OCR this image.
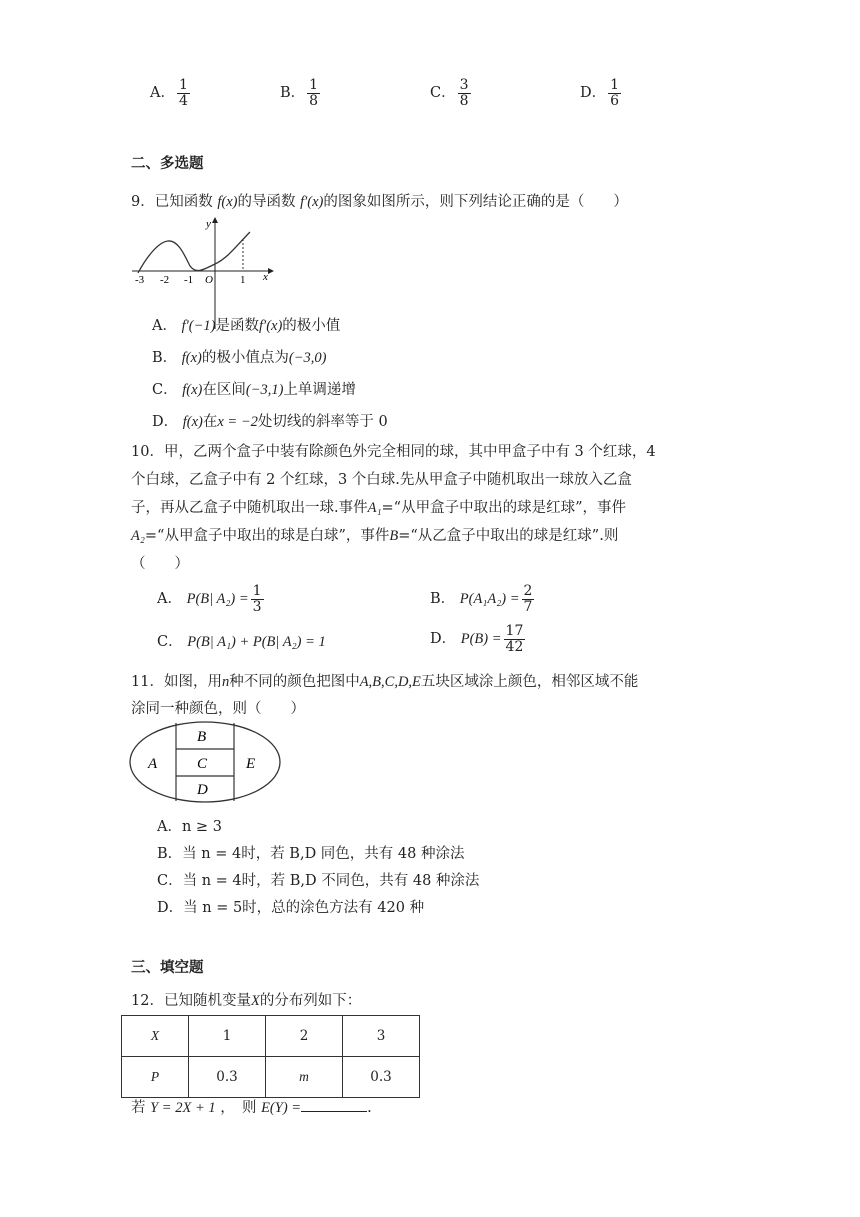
A． $\frac{1}{4}$	B． $\frac{1}{8}$	C． $\frac{3}{8}$	D． $\frac{1}{6}$
二、多选题
9．已知函数 f(x)的导函数 f′(x)的图象如图所示，则下列结论正确的是（　　）
y
x
O
-3 -2 -1	1
A． f′(−1)是函数f′(x)的极小值
B． f(x)的极小值点为(−3,0)
C． f(x)在区间(−3,1)上单调递增
D． f(x)在x = −2处切线的斜率等于 0
10．甲，乙两个盒子中装有除颜色外完全相同的球，其中甲盒子中有 3 个红球，4
个白球，乙盒子中有 2 个红球，3 个白球.先从甲盒子中随机取出一球放入乙盒
子，再从乙盒子中随机取出一球.事件A₁=“从甲盒子中取出的球是红球”，事件
A₂=“从甲盒子中取出的球是白球”，事件B=“从乙盒子中取出的球是红球”.则
（　　）
A． P(B| $A_2) = \frac{1}{3}$	B． $P(A_1A_2) = \frac{2}{7}$
C． P(B| A₁) + P(B| A₂) = 1	D． $P(B) = \frac{17}{42}$
11．如图，用n种不同的颜色把图中A,B,C,D,E五块区域涂上颜色，相邻区域不能
涂同一种颜色，则（　　）
A
B
C
D
E
A．n ≥ 3
B．当 n = 4时，若 B,D 同色，共有 48 种涂法
C．当 n = 4时，若 B,D 不同色，共有 48 种涂法
D．当 n = 5时，总的涂色方法有 420 种
三、填空题
12．已知随机变量X的分布列如下：
X	1	2	3
P	0.3	m	0.3
若 Y = 2X + 1 ，　则 E(Y) =	.
